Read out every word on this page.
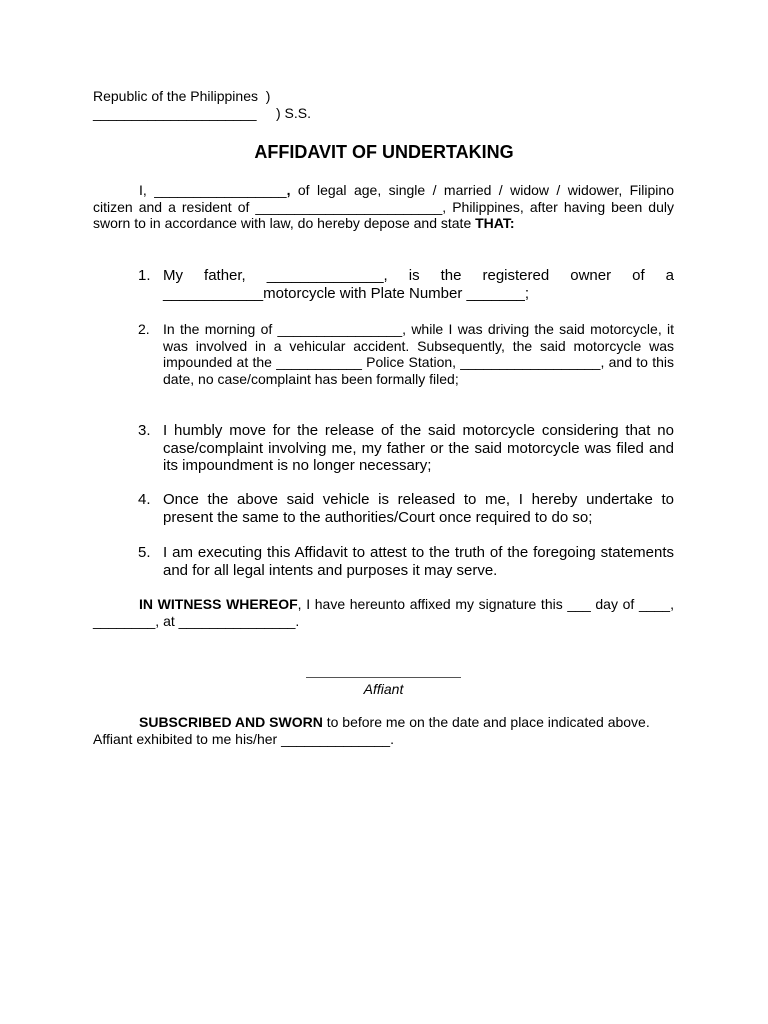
Republic of the Philippines  )
_____________________     ) S.S.
AFFIDAVIT OF UNDERTAKING
I, _________________, of legal age, single / married / widow / widower, Filipino citizen and a resident of ________________________, Philippines, after having been duly sworn to in accordance with law, do hereby depose and state THAT:
1. My father, ______________, is the registered owner of a ____________motorcycle with Plate Number _______;
2. In the morning of ________________, while I was driving the said motorcycle, it was involved in a vehicular accident. Subsequently, the said motorcycle was impounded at the ___________ Police Station, __________________, and to this date, no case/complaint has been formally filed;
3. I humbly move for the release of the said motorcycle considering that no case/complaint involving me, my father or the said motorcycle was filed and its impoundment is no longer necessary;
4. Once the above said vehicle is released to me, I hereby undertake to present the same to the authorities/Court once required to do so;
5. I am executing this Affidavit to attest to the truth of the foregoing statements and for all legal intents and purposes it may serve.
IN WITNESS WHEREOF, I have hereunto affixed my signature this ___ day of ____, ________, at _______________.
Affiant
SUBSCRIBED AND SWORN to before me on the date and place indicated above. Affiant exhibited to me his/her ______________.
